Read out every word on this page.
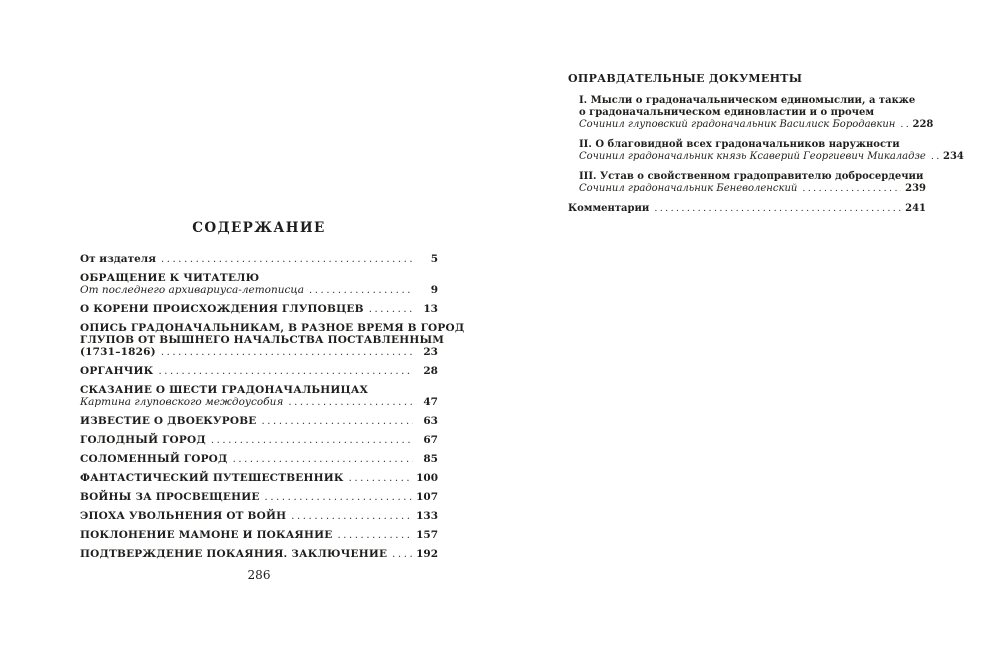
ОПРАВДАТЕЛЬНЫЕ ДОКУМЕНТЫ
I. Мысли о градоначальническом единомыслии, а также
о градоначальническом единовластии и о прочем
Сочинил глуповский градоначальник Василиск Бородавкин ..... 228
II. О благовидной всех градоначальников наружности
Сочинил градоначальник князь Ксаверий Георгиевич Микаладзе ..... 234
III. Устав о свойственном градоправителю добросердечии
Сочинил градоначальник Беневоленский .....	239
Комментарии .....	241
СОДЕРЖАНИЕ
От издателя .....	5
ОБРАЩЕНИЕ К ЧИТАТЕЛЮ
От последнего архивариуса-летописца .....	9
О КОРЕНИ ПРОИСХОЖДЕНИЯ ГЛУПОВЦЕВ .....	13
ОПИСЬ ГРАДОНАЧАЛЬНИКАМ, В РАЗНОЕ ВРЕМЯ В ГОРОД
ГЛУПОВ ОТ ВЫШНЕГО НАЧАЛЬСТВА ПОСТАВЛЕННЫМ
(1731–1826) .....	23
ОРГАНЧИК .....	28
СКАЗАНИЕ О ШЕСТИ ГРАДОНАЧАЛЬНИЦАХ
Картина глуповского междоусобия .....	47
ИЗВЕСТИЕ О ДВОЕКУРОВЕ .....	63
ГОЛОДНЫЙ ГОРОД .....	67
СОЛОМЕННЫЙ ГОРОД .....	85
ФАНТАСТИЧЕСКИЙ ПУТЕШЕСТВЕННИК .....	100
ВОЙНЫ ЗА ПРОСВЕЩЕНИЕ .....	107
ЭПОХА УВОЛЬНЕНИЯ ОТ ВОЙН .....	133
ПОКЛОНЕНИЕ МАМОНЕ И ПОКАЯНИЕ .....	157
ПОДТВЕРЖДЕНИЕ ПОКАЯНИЯ. ЗАКЛЮЧЕНИЕ .....	192
286
